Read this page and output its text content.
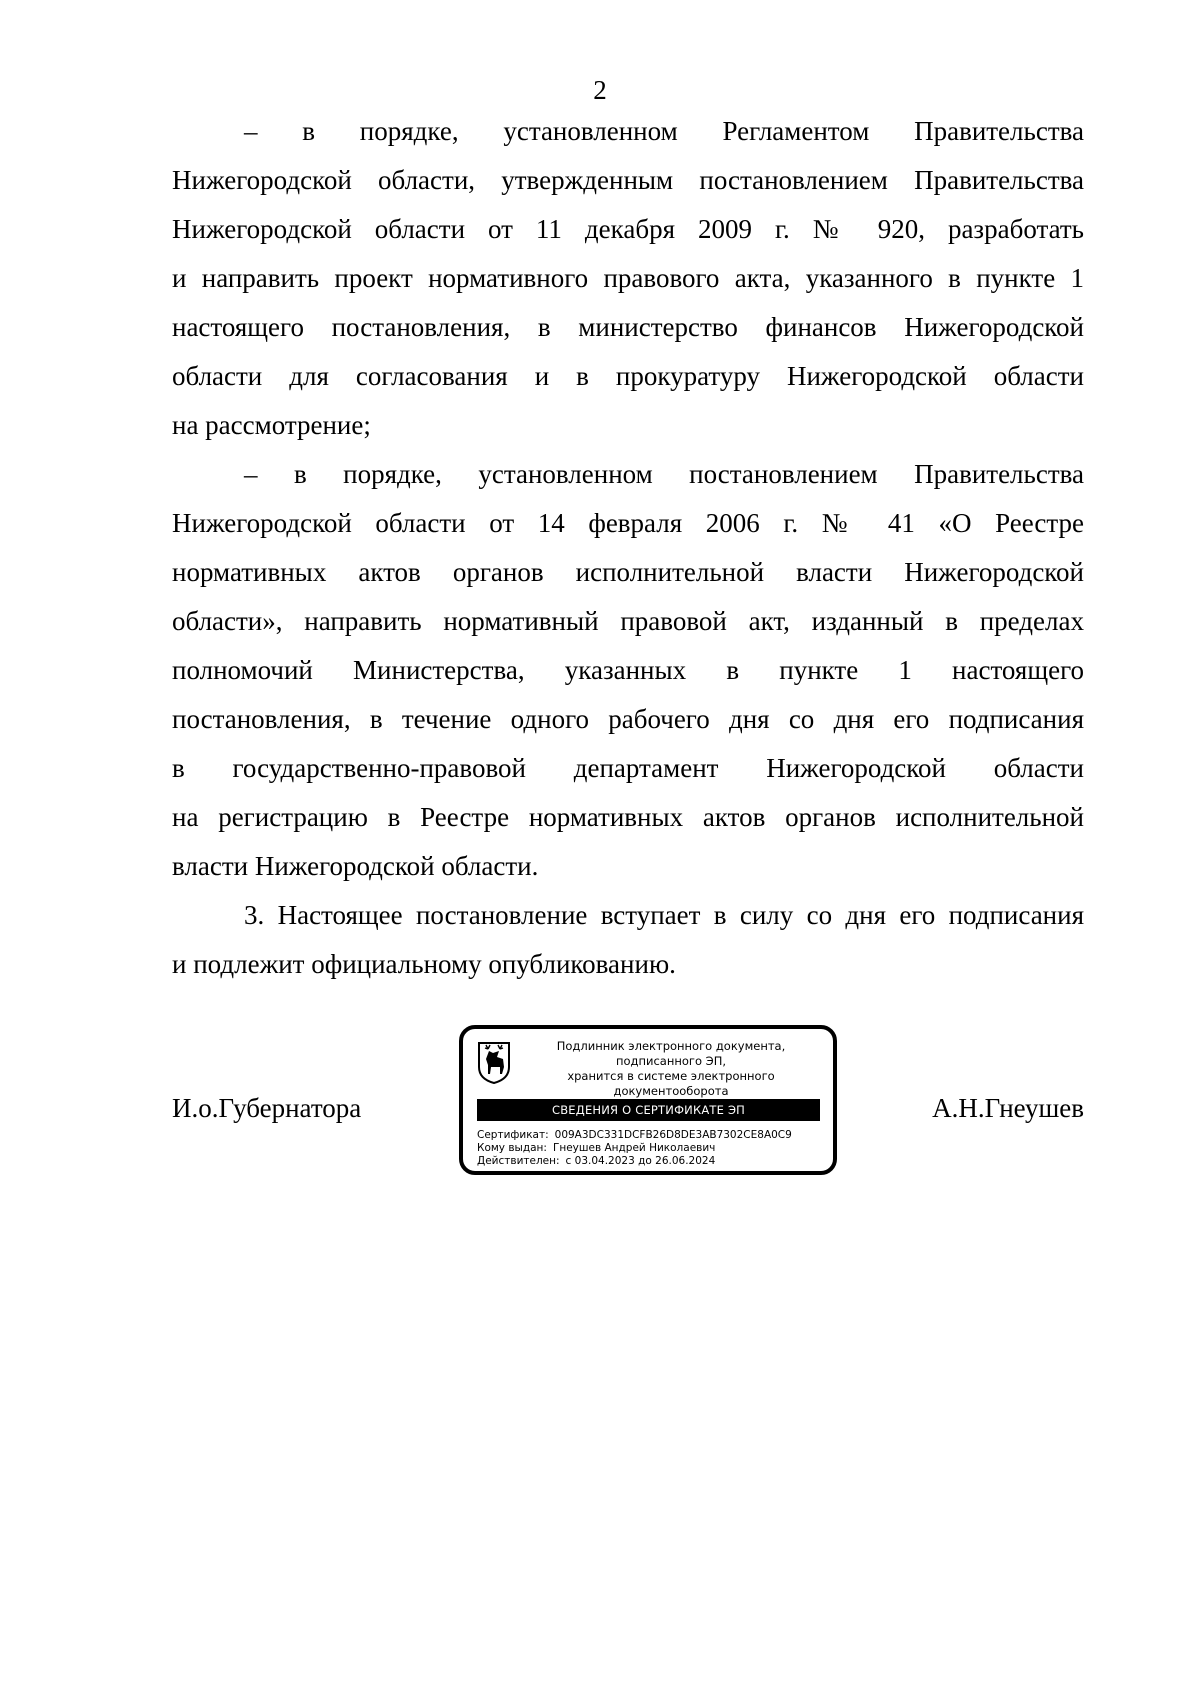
2

– в порядке, установленном Регламентом Правительства
Нижегородской области, утвержденным постановлением Правительства
Нижегородской области от 11 декабря 2009 г. № 920, разработать
и направить проект нормативного правового акта, указанного в пункте 1
настоящего постановления, в министерство финансов Нижегородской
области для согласования и в прокуратуру Нижегородской области
на рассмотрение;

– в порядке, установленном постановлением Правительства
Нижегородской области от 14 февраля 2006 г. № 41 «О Реестре
нормативных актов органов исполнительной власти Нижегородской
области», направить нормативный правовой акт, изданный в пределах
полномочий Министерства, указанных в пункте 1 настоящего
постановления, в течение одного рабочего дня со дня его подписания
в государственно-правовой департамент Нижегородской области
на регистрацию в Реестре нормативных актов органов исполнительной
власти Нижегородской области.

3. Настоящее постановление вступает в силу со дня его подписания
и подлежит официальному опубликованию.

И.о.Губернатора
Подлинник электронного документа, подписанного ЭП,
хранится в системе электронного документооборота
СВЕДЕНИЯ О СЕРТИФИКАТЕ ЭП
Сертификат: 009A3DC331DCFB26D8DE3AB7302CE8A0C9
Кому выдан: Гнеушев Андрей Николаевич
Действителен: с 03.04.2023 до 26.06.2024
А.Н.Гнеушев
